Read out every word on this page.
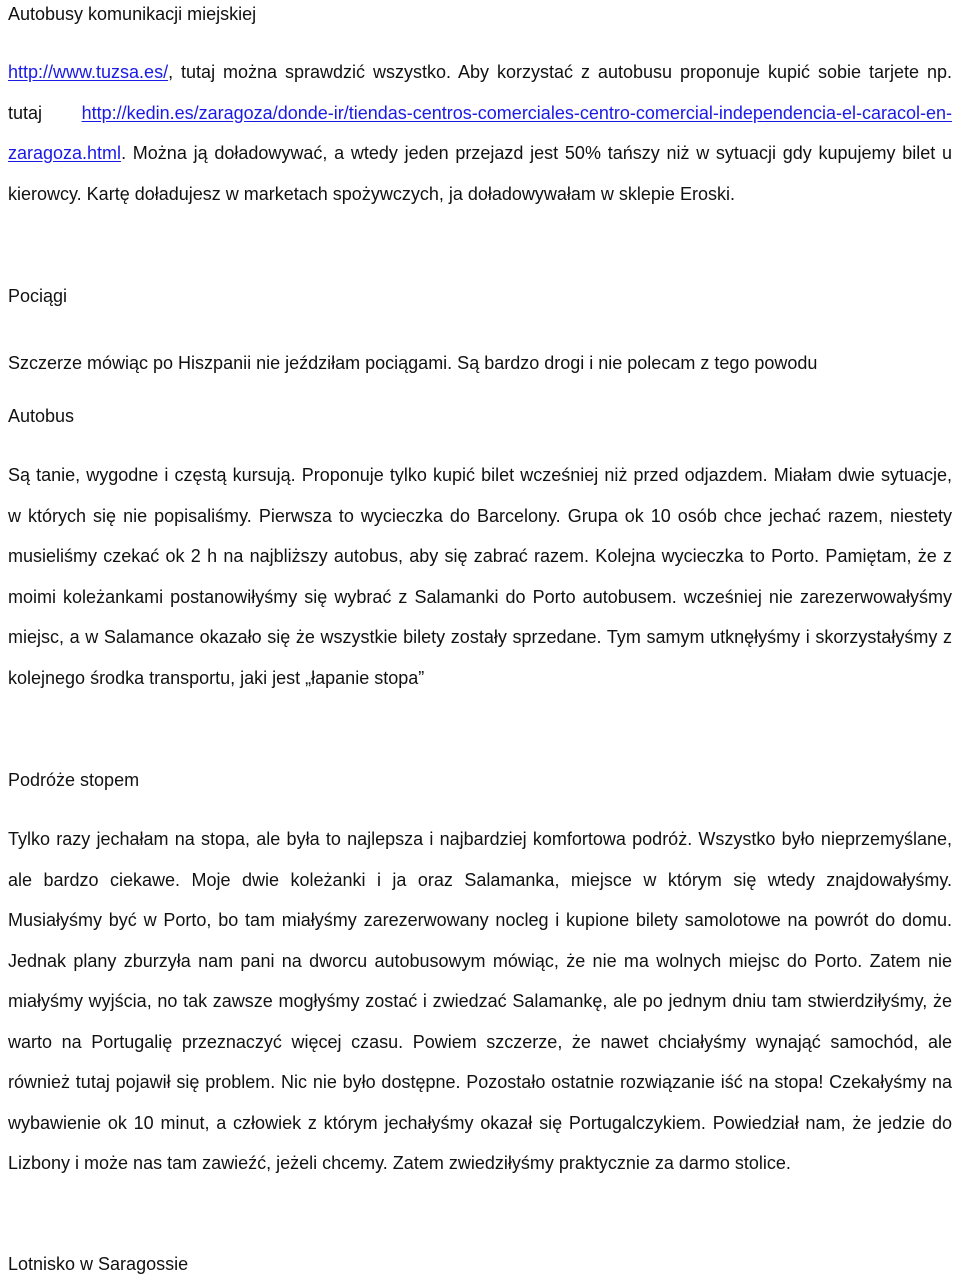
Autobusy komunikacji miejskiej
http://www.tuzsa.es/, tutaj można sprawdzić wszystko. Aby korzystać z autobusu proponuje kupić sobie tarjete np. tutaj http://kedin.es/zaragoza/donde-ir/tiendas-centros-comerciales-centro-comercial-independencia-el-caracol-en-zaragoza.html. Można ją doładowywać, a wtedy jeden przejazd jest 50% tańszy niż w sytuacji gdy kupujemy bilet u kierowcy. Kartę doładujesz w marketach spożywczych, ja doładowywałam w sklepie Eroski.
Pociągi
Szczerze mówiąc po Hiszpanii nie jeździłam pociągami. Są bardzo drogi i nie polecam z tego powodu
Autobus
Są tanie, wygodne i częstą kursują. Proponuje tylko kupić bilet wcześniej niż przed odjazdem. Miałam dwie sytuacje, w których się nie popisaliśmy. Pierwsza to wycieczka do Barcelony. Grupa ok 10 osób chce jechać razem, niestety musieliśmy czekać ok 2 h na najbliższy autobus, aby się zabrać razem. Kolejna wycieczka to Porto. Pamiętam, że z moimi koleżankami postanowiłyśmy się wybrać z Salamanki do Porto autobusem. wcześniej nie zarezerwowałyśmy miejsc, a w Salamance okazało się że wszystkie bilety zostały sprzedane. Tym samym utknęłyśmy i skorzystałyśmy z kolejnego środka transportu, jaki jest „łapanie stopa”
Podróże stopem
Tylko razy jechałam na stopa, ale była to najlepsza i najbardziej komfortowa podróż. Wszystko było nieprzemyślane, ale bardzo ciekawe. Moje dwie koleżanki i ja oraz Salamanka, miejsce w którym się wtedy znajdowałyśmy. Musiałyśmy być w Porto, bo tam miałyśmy zarezerwowany nocleg i kupione bilety samolotowe na powrót do domu. Jednak plany zburzyła nam pani na dworcu autobusowym mówiąc, że nie ma wolnych miejsc do Porto. Zatem nie miałyśmy wyjścia, no tak zawsze mogłyśmy zostać i zwiedzać Salamankę, ale po jednym dniu tam stwierdziłyśmy, że warto na Portugalię przeznaczyć więcej czasu. Powiem szczerze, że nawet chciałyśmy wynająć samochód, ale również tutaj pojawił się problem. Nic nie było dostępne. Pozostało ostatnie rozwiązanie iść na stopa! Czekałyśmy na wybawienie ok 10 minut, a człowiek z którym jechałyśmy okazał się Portugalczykiem. Powiedział nam, że jedzie do Lizbony i może nas tam zawieźć, jeżeli chcemy. Zatem zwiedziłyśmy praktycznie za darmo stolice.
Lotnisko w Saragossie
